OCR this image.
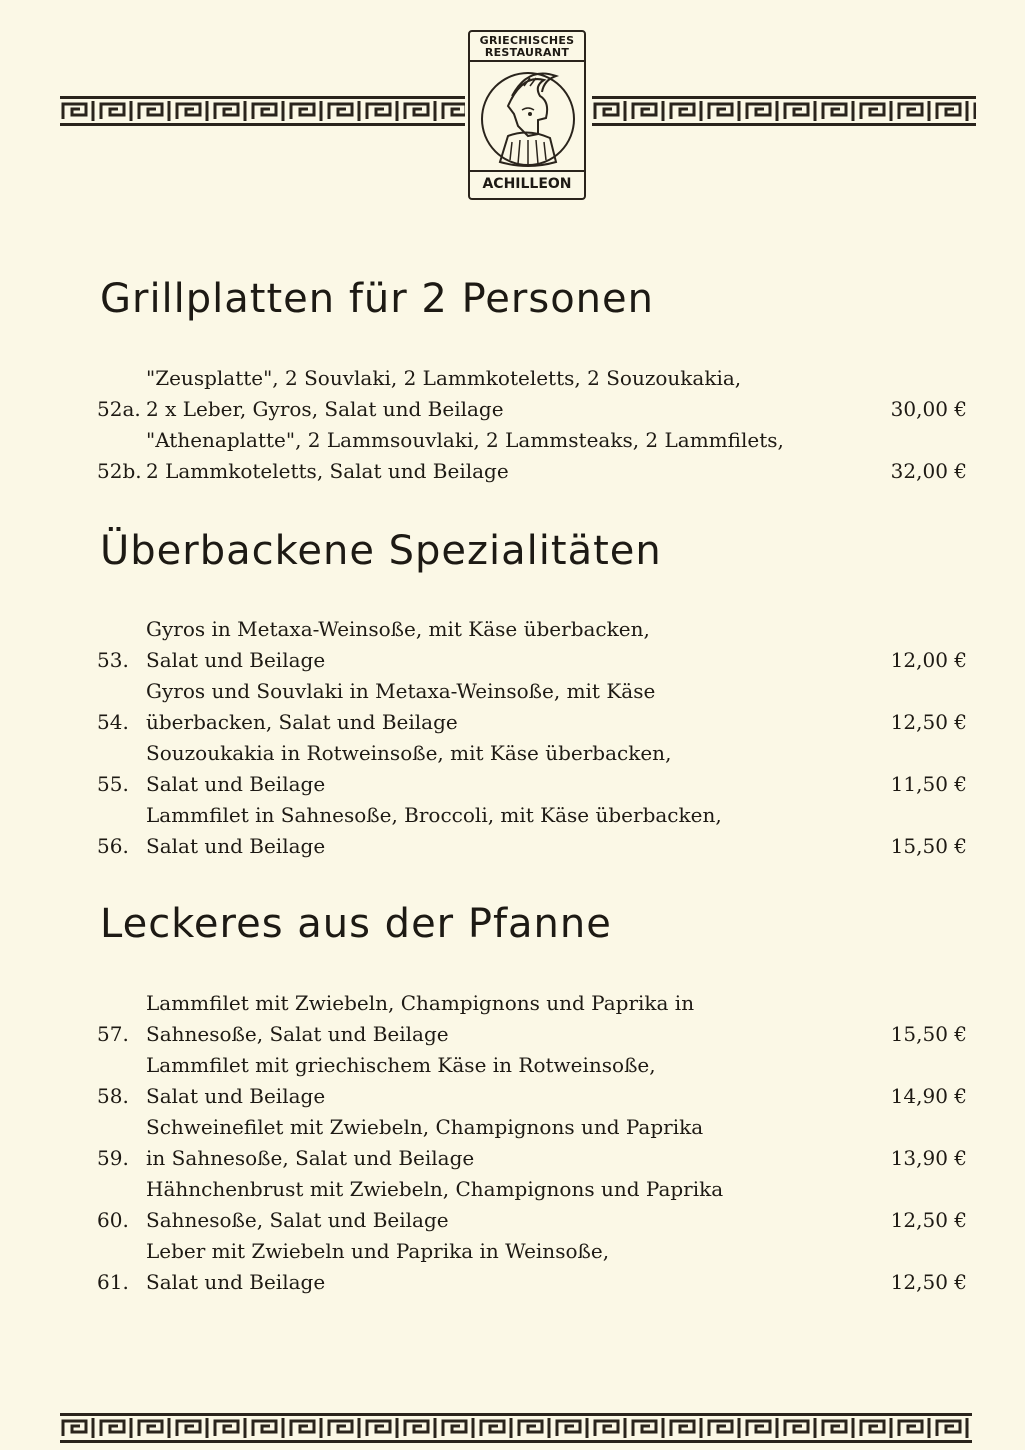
GRIECHISCHES
RESTAURANT
ACHILLEON
Grillplatten für 2 Personen
52a.
"Zeusplatte", 2 Souvlaki, 2 Lammkoteletts, 2 Souzoukakia,
2 x Leber, Gyros, Salat und Beilage	30,00 €
52b.
"Athenaplatte", 2 Lammsouvlaki, 2 Lammsteaks, 2 Lammfilets,
2 Lammkoteletts, Salat und Beilage	32,00 €
Überbackene Spezialitäten
53.
Gyros in Metaxa-Weinsoße, mit Käse überbacken,
Salat und Beilage	12,00 €
54.
Gyros und Souvlaki in Metaxa-Weinsoße, mit Käse
überbacken, Salat und Beilage	12,50 €
55.
Souzoukakia in Rotweinsoße, mit Käse überbacken,
Salat und Beilage	11,50 €
56.
Lammfilet in Sahnesoße, Broccoli, mit Käse überbacken,
Salat und Beilage	15,50 €
Leckeres aus der Pfanne
57.
Lammfilet mit Zwiebeln, Champignons und Paprika in
Sahnesoße, Salat und Beilage	15,50 €
58.
Lammfilet mit griechischem Käse in Rotweinsoße,
Salat und Beilage	14,90 €
59.
Schweinefilet mit Zwiebeln, Champignons und Paprika
in Sahnesoße, Salat und Beilage	13,90 €
60.
Hähnchenbrust mit Zwiebeln, Champignons und Paprika
Sahnesoße, Salat und Beilage	12,50 €
61.
Leber mit Zwiebeln und Paprika in Weinsoße,
Salat und Beilage	12,50 €
